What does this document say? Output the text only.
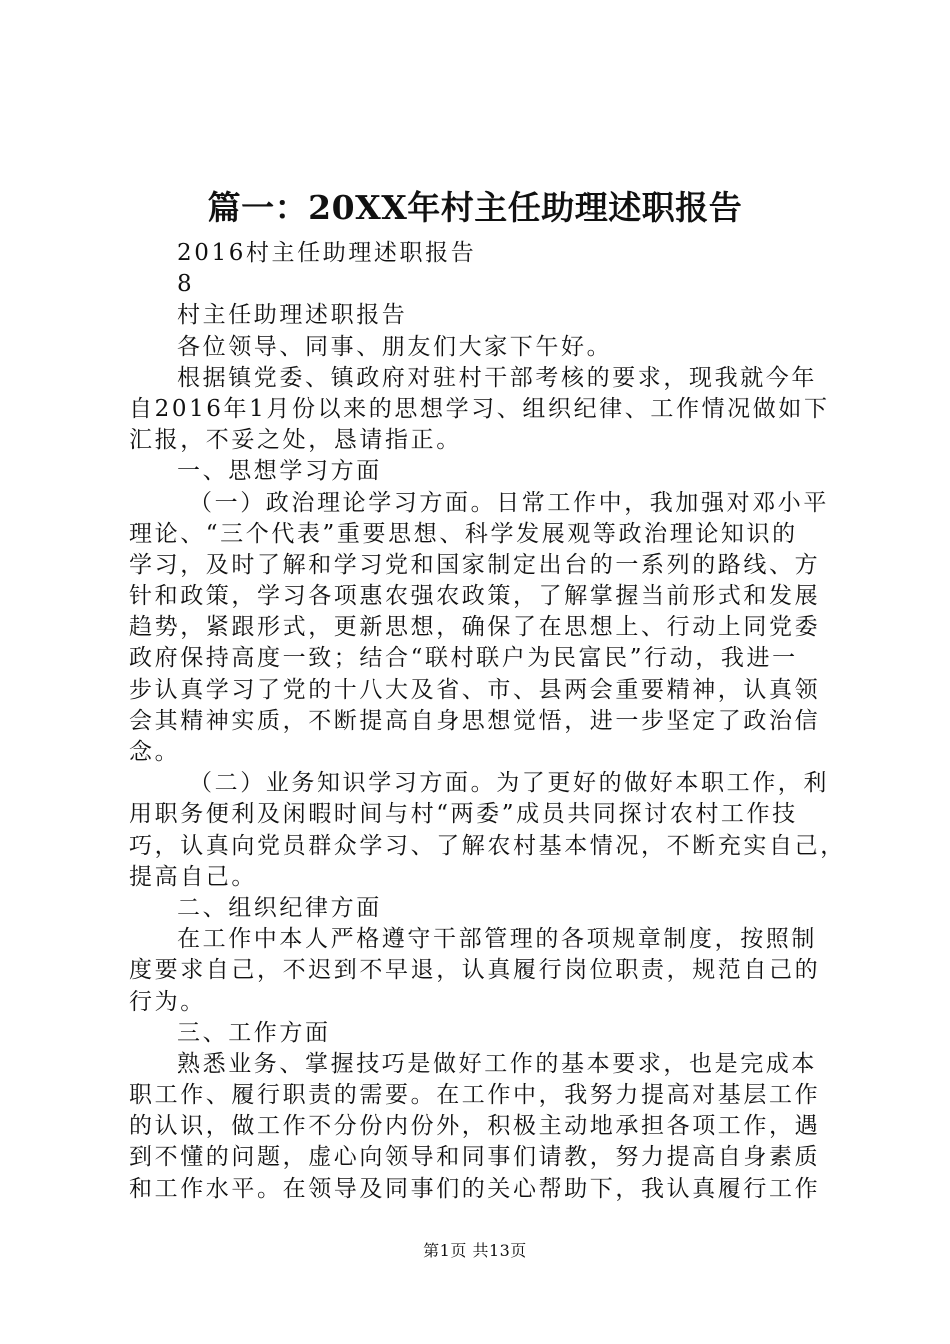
篇一：20XX年村主任助理述职报告
2016村主任助理述职报告
8
村主任助理述职报告
各位领导、同事、朋友们大家下午好。
根据镇党委、镇政府对驻村干部考核的要求，现我就今年
自2016年1月份以来的思想学习、组织纪律、工作情况做如下
汇报，不妥之处，恳请指正。
一、思想学习方面
（一）政治理论学习方面。日常工作中，我加强对邓小平
理论、“三个代表”重要思想、科学发展观等政治理论知识的
学习，及时了解和学习党和国家制定出台的一系列的路线、方
针和政策，学习各项惠农强农政策，了解掌握当前形式和发展
趋势，紧跟形式，更新思想，确保了在思想上、行动上同党委
政府保持高度一致；结合“联村联户为民富民”行动，我进一
步认真学习了党的十八大及省、市、县两会重要精神，认真领
会其精神实质，不断提高自身思想觉悟，进一步坚定了政治信
念。
（二）业务知识学习方面。为了更好的做好本职工作，利
用职务便利及闲暇时间与村“两委”成员共同探讨农村工作技
巧，认真向党员群众学习、了解农村基本情况，不断充实自己，
提高自己。
二、组织纪律方面
在工作中本人严格遵守干部管理的各项规章制度，按照制
度要求自己，不迟到不早退，认真履行岗位职责，规范自己的
行为。
三、工作方面
熟悉业务、掌握技巧是做好工作的基本要求，也是完成本
职工作、履行职责的需要。在工作中，我努力提高对基层工作
的认识，做工作不分份内份外，积极主动地承担各项工作，遇
到不懂的问题，虚心向领导和同事们请教，努力提高自身素质
和工作水平。在领导及同事们的关心帮助下，我认真履行工作
第1页 共13页
